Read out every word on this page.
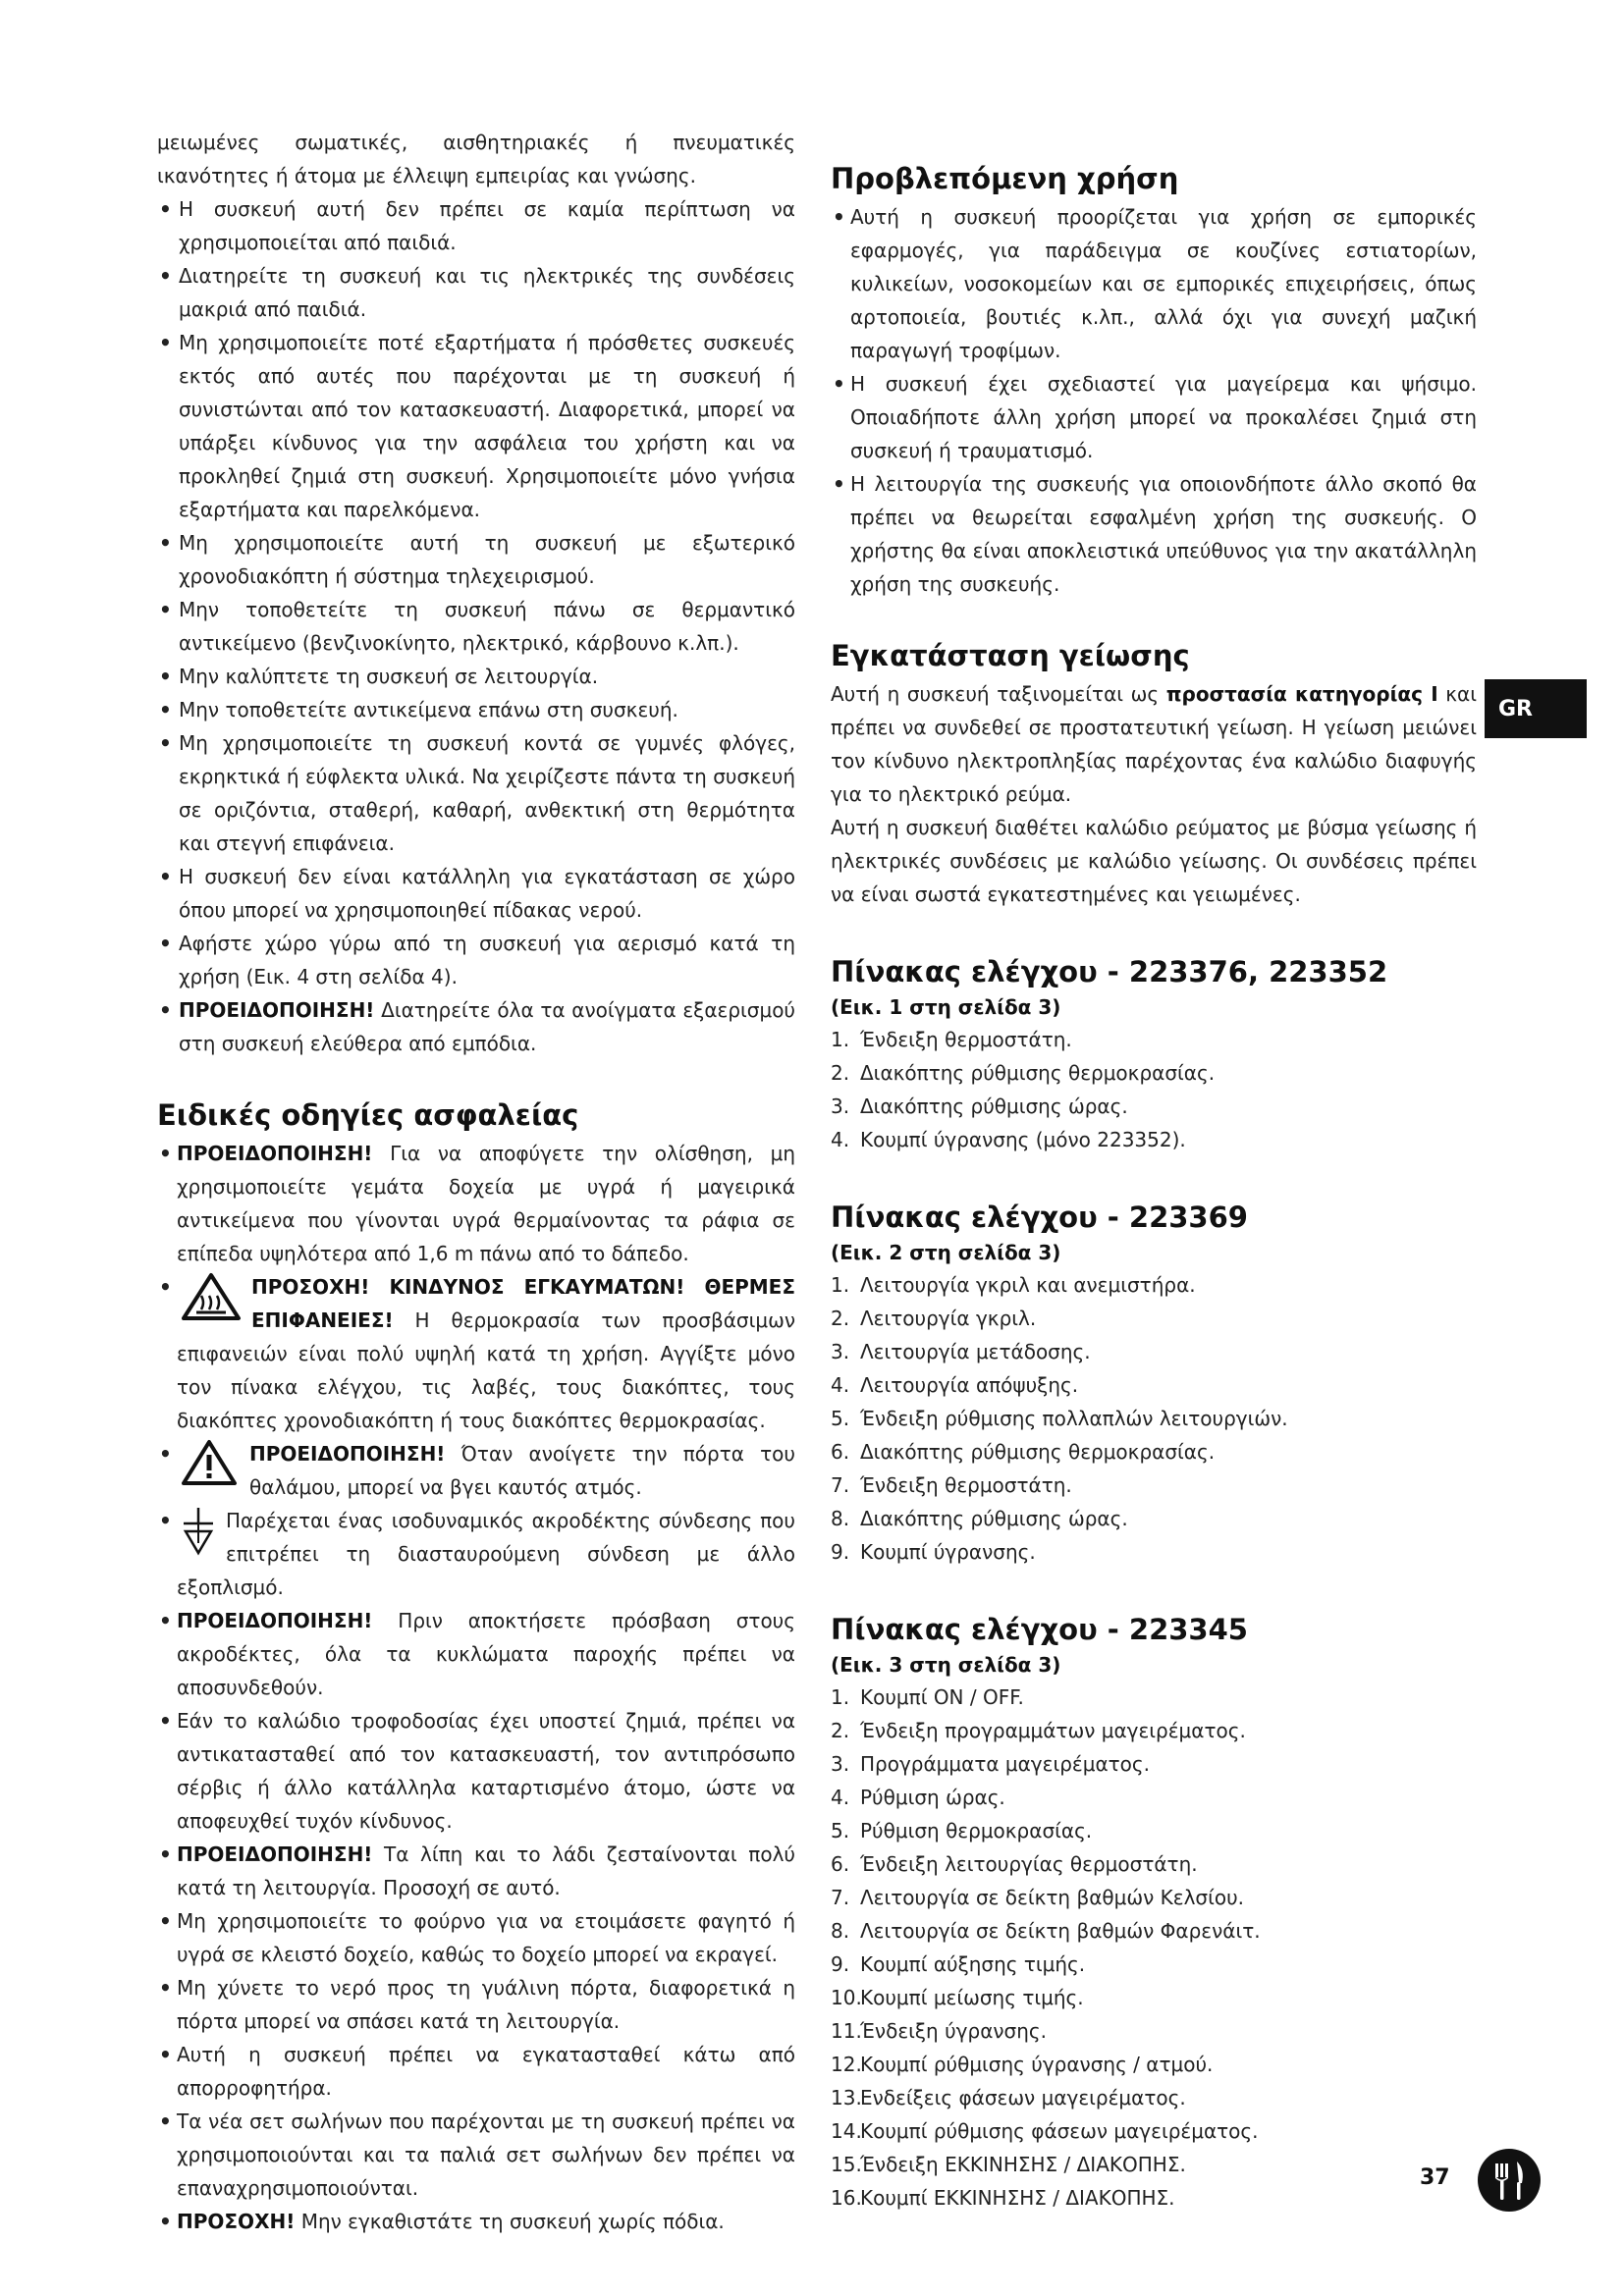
μειωμένες σωματικές, αισθητηριακές ή πνευματικές ικανότητες ή άτομα με έλλειψη εμπειρίας και γνώσης.

• Η συσκευή αυτή δεν πρέπει σε καμία περίπτωση να χρησιμοποιείται από παιδιά.
• Διατηρείτε τη συσκευή και τις ηλεκτρικές της συνδέσεις μακριά από παιδιά.
• Μη χρησιμοποιείτε ποτέ εξαρτήματα ή πρόσθετες συσκευές εκτός από αυτές που παρέχονται με τη συσκευή ή συνιστώνται από τον κατασκευαστή. Διαφορετικά, μπορεί να υπάρξει κίνδυνος για την ασφάλεια του χρήστη και να προκληθεί ζημιά στη συσκευή. Χρησιμοποιείτε μόνο γνήσια εξαρτήματα και παρελκόμενα.
• Μη χρησιμοποιείτε αυτή τη συσκευή με εξωτερικό χρονοδιακόπτη ή σύστημα τηλεχειρισμού.
• Μην τοποθετείτε τη συσκευή πάνω σε θερμαντικό αντικείμενο (βενζινοκίνητο, ηλεκτρικό, κάρβουνο κ.λπ.).
• Μην καλύπτετε τη συσκευή σε λειτουργία.
• Μην τοποθετείτε αντικείμενα επάνω στη συσκευή.
• Μη χρησιμοποιείτε τη συσκευή κοντά σε γυμνές φλόγες, εκρηκτικά ή εύφλεκτα υλικά. Να χειρίζεστε πάντα τη συσκευή σε οριζόντια, σταθερή, καθαρή, ανθεκτική στη θερμότητα και στεγνή επιφάνεια.
• Η συσκευή δεν είναι κατάλληλη για εγκατάσταση σε χώρο όπου μπορεί να χρησιμοποιηθεί πίδακας νερού.
• Αφήστε χώρο γύρω από τη συσκευή για αερισμό κατά τη χρήση (Εικ. 4 στη σελίδα 4).
• ΠΡΟΕΙΔΟΠΟΙΗΣΗ! Διατηρείτε όλα τα ανοίγματα εξαερισμού στη συσκευή ελεύθερα από εμπόδια.
Ειδικές οδηγίες ασφαλείας
• ΠΡΟΕΙΔΟΠΟΙΗΣΗ! Για να αποφύγετε την ολίσθηση, μη χρησιμοποιείτε γεμάτα δοχεία με υγρά ή μαγειρικά αντικείμενα που γίνονται υγρά θερμαίνοντας τα ράφια σε επίπεδα υψηλότερα από 1,6 m πάνω από το δάπεδο.
• ΠΡΟΣΟΧΗ! ΚΙΝΔΥΝΟΣ ΕΓΚΑΥΜΑΤΩΝ! ΘΕΡΜΕΣ ΕΠΙΦΑΝΕΙΕΣ! Η θερμοκρασία των προσβάσιμων επιφανειών είναι πολύ υψηλή κατά τη χρήση. Αγγίξτε μόνο τον πίνακα ελέγχου, τις λαβές, τους διακόπτες, τους διακόπτες χρονοδιακόπτη ή τους διακόπτες θερμοκρασίας.
• ΠΡΟΕΙΔΟΠΟΙΗΣΗ! Όταν ανοίγετε την πόρτα του θαλάμου, μπορεί να βγει καυτός ατμός.
• Παρέχεται ένας ισοδυναμικός ακροδέκτης σύνδεσης που επιτρέπει τη διασταυρούμενη σύνδεση με άλλο εξοπλισμό.
• ΠΡΟΕΙΔΟΠΟΙΗΣΗ! Πριν αποκτήσετε πρόσβαση στους ακροδέκτες, όλα τα κυκλώματα παροχής πρέπει να αποσυνδεθούν.
• Εάν το καλώδιο τροφοδοσίας έχει υποστεί ζημιά, πρέπει να αντικατασταθεί από τον κατασκευαστή, τον αντιπρόσωπο σέρβις ή άλλο κατάλληλα καταρτισμένο άτομο, ώστε να αποφευχθεί τυχόν κίνδυνος.
• ΠΡΟΕΙΔΟΠΟΙΗΣΗ! Τα λίπη και το λάδι ζεσταίνονται πολύ κατά τη λειτουργία. Προσοχή σε αυτό.
• Μη χρησιμοποιείτε το φούρνο για να ετοιμάσετε φαγητό ή υγρά σε κλειστό δοχείο, καθώς το δοχείο μπορεί να εκραγεί.
• Μη χύνετε το νερό προς τη γυάλινη πόρτα, διαφορετικά η πόρτα μπορεί να σπάσει κατά τη λειτουργία.
• Αυτή η συσκευή πρέπει να εγκατασταθεί κάτω από απορροφητήρα.
• Τα νέα σετ σωλήνων που παρέχονται με τη συσκευή πρέπει να χρησιμοποιούνται και τα παλιά σετ σωλήνων δεν πρέπει να επαναχρησιμοποιούνται.
• ΠΡΟΣΟΧΗ! Μην εγκαθιστάτε τη συσκευή χωρίς πόδια.
Προβλεπόμενη χρήση
• Αυτή η συσκευή προορίζεται για χρήση σε εμπορικές εφαρμογές, για παράδειγμα σε κουζίνες εστιατορίων, κυλικείων, νοσοκομείων και σε εμπορικές επιχειρήσεις, όπως αρτοποιεία, βουτιές κ.λπ., αλλά όχι για συνεχή μαζική παραγωγή τροφίμων.
• Η συσκευή έχει σχεδιαστεί για μαγείρεμα και ψήσιμο. Οποιαδήποτε άλλη χρήση μπορεί να προκαλέσει ζημιά στη συσκευή ή τραυματισμό.
• Η λειτουργία της συσκευής για οποιονδήποτε άλλο σκοπό θα πρέπει να θεωρείται εσφαλμένη χρήση της συσκευής. Ο χρήστης θα είναι αποκλειστικά υπεύθυνος για την ακατάλληλη χρήση της συσκευής.
Εγκατάσταση γείωσης

Αυτή η συσκευή ταξινομείται ως προστασία κατηγορίας I και πρέπει να συνδεθεί σε προστατευτική γείωση. Η γείωση μειώνει τον κίνδυνο ηλεκτροπληξίας παρέχοντας ένα καλώδιο διαφυγής για το ηλεκτρικό ρεύμα.

Αυτή η συσκευή διαθέτει καλώδιο ρεύματος με βύσμα γείωσης ή ηλεκτρικές συνδέσεις με καλώδιο γείωσης. Οι συνδέσεις πρέπει να είναι σωστά εγκατεστημένες και γειωμένες.

Πίνακας ελέγχου - 223376, 223352
(Εικ. 1 στη σελίδα 3)
1. Ένδειξη θερμοστάτη.
2. Διακόπτης ρύθμισης θερμοκρασίας.
3. Διακόπτης ρύθμισης ώρας.
4. Κουμπί ύγρανσης (μόνο 223352).
Πίνακας ελέγχου - 223369
(Εικ. 2 στη σελίδα 3)
1. Λειτουργία γκριλ και ανεμιστήρα.
2. Λειτουργία γκριλ.
3. Λειτουργία μετάδοσης.
4. Λειτουργία απόψυξης.
5. Ένδειξη ρύθμισης πολλαπλών λειτουργιών.
6. Διακόπτης ρύθμισης θερμοκρασίας.
7. Ένδειξη θερμοστάτη.
8. Διακόπτης ρύθμισης ώρας.
9. Κουμπί ύγρανσης.
Πίνακας ελέγχου - 223345
(Εικ. 3 στη σελίδα 3)
1. Κουμπί ON / OFF.
2. Ένδειξη προγραμμάτων μαγειρέματος.
3. Προγράμματα μαγειρέματος.
4. Ρύθμιση ώρας.
5. Ρύθμιση θερμοκρασίας.
6. Ένδειξη λειτουργίας θερμοστάτη.
7. Λειτουργία σε δείκτη βαθμών Κελσίου.
8. Λειτουργία σε δείκτη βαθμών Φαρενάιτ.
9. Κουμπί αύξησης τιμής.
10.
Κουμπί μείωσης τιμής.
11.
Ένδειξη ύγρανσης.
12.
Κουμπί ρύθμισης ύγρανσης / ατμού.
13.
Ενδείξεις φάσεων μαγειρέματος.
14.
Κουμπί ρύθμισης φάσεων μαγειρέματος.
15.
Ένδειξη ΕΚΚΙΝΗΣΗΣ / ΔΙΑΚΟΠΗΣ.
16.
Κουμπί ΕΚΚΙΝΗΣΗΣ / ΔΙΑΚΟΠΗΣ.
GR
37
